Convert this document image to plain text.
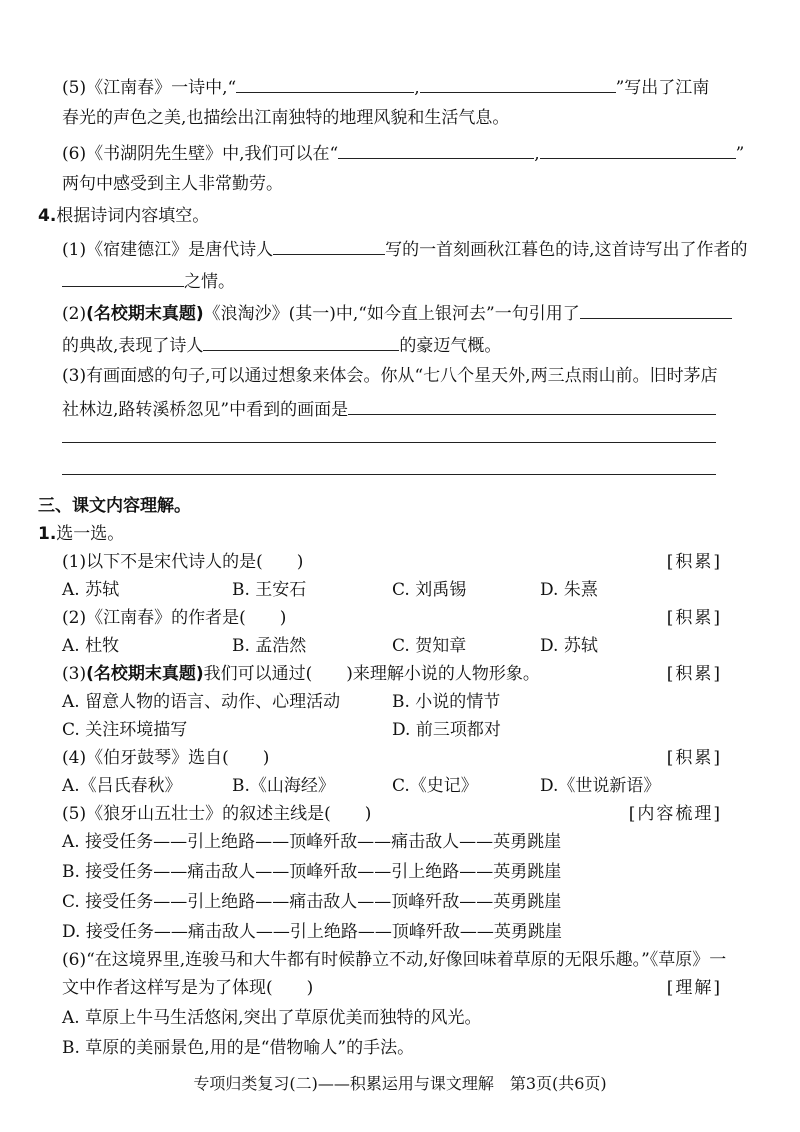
(5)《江南春》一诗中,“	,	”写出了江南
春光的声色之美,也描绘出江南独特的地理风貌和生活气息。
(6)《书湖阴先生壁》中,我们可以在“	,	”
两句中感受到主人非常勤劳。
4.根据诗词内容填空。
(1)《宿建德江》是唐代诗人	写的一首刻画秋江暮色的诗,这首诗写出了作者的
之情。
(2)(名校期末真题)《浪淘沙》(其一)中,“如今直上银河去”一句引用了
的典故,表现了诗人	的豪迈气概。
(3)有画面感的句子,可以通过想象来体会。你从“七八个星天外,两三点雨山前。旧时茅店
社林边,路转溪桥忽见”中看到的画面是
三、课文内容理解。
1.选一选。
(1)以下不是宋代诗人的是(　　)	[积累]
A. 苏轼	B. 王安石	C. 刘禹锡	D. 朱熹
(2)《江南春》的作者是(　　)	[积累]
A. 杜牧	B. 孟浩然	C. 贺知章	D. 苏轼
(3)(名校期末真题)我们可以通过(　　)来理解小说的人物形象。	[积累]
A. 留意人物的语言、动作、心理活动	B. 小说的情节
C. 关注环境描写	D. 前三项都对
(4)《伯牙鼓琴》选自(　　)	[积累]
A.《吕氏春秋》	B.《山海经》	C.《史记》	D.《世说新语》
(5)《狼牙山五壮士》的叙述主线是(　　)	[内容梳理]
A. 接受任务——引上绝路——顶峰歼敌——痛击敌人——英勇跳崖
B. 接受任务——痛击敌人——顶峰歼敌——引上绝路——英勇跳崖
C. 接受任务——引上绝路——痛击敌人——顶峰歼敌——英勇跳崖
D. 接受任务——痛击敌人——引上绝路——顶峰歼敌——英勇跳崖
(6)“在这境界里,连骏马和大牛都有时候静立不动,好像回味着草原的无限乐趣。”《草原》一
文中作者这样写是为了体现(　　)	[理解]
A. 草原上牛马生活悠闲,突出了草原优美而独特的风光。
B. 草原的美丽景色,用的是“借物喻人”的手法。
专项归类复习(二)——积累运用与课文理解　第3页(共6页)
